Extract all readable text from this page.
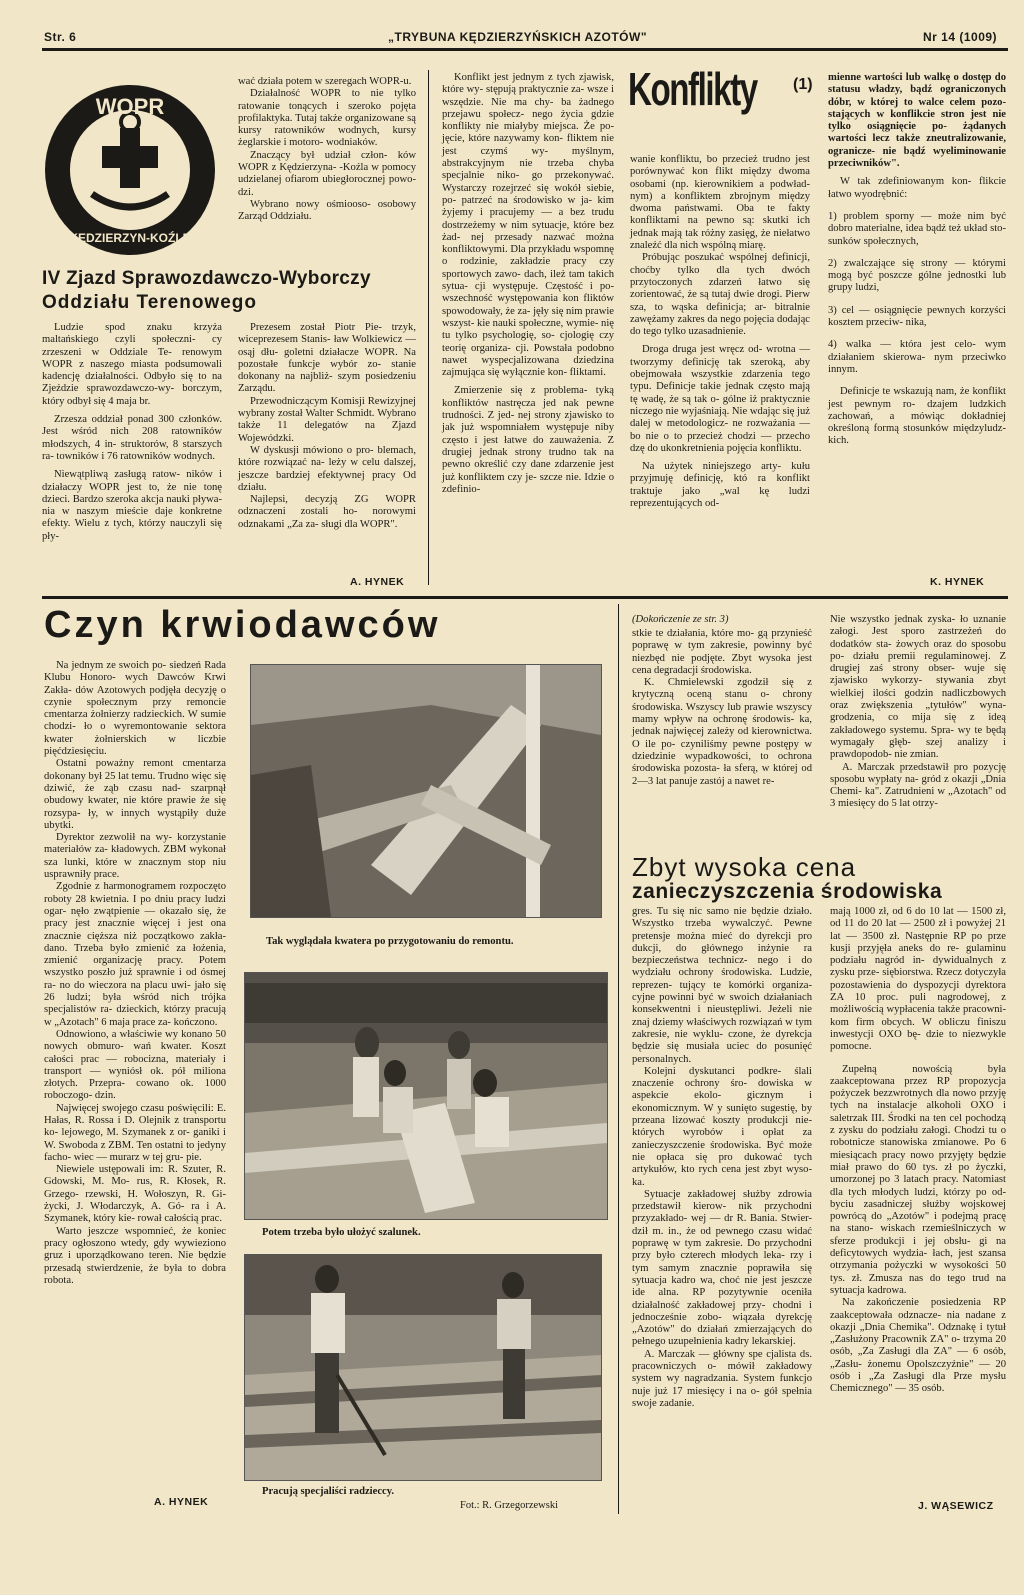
Str. 6	„TRYBUNA KĘDZIERZYŃSKICH AZOTÓW"	Nr 14 (1009)
WOPR
KĘDZIERZYN-KOŹLE
IV Zjazd Sprawozdawczo-Wyborczy
Oddziału Terenowego

Ludzie spod znaku krzyża maltańskiego czyli społeczni- cy zrzeszeni w Oddziale Te- renowym WOPR z naszego miasta podsumowali kadencję działalności. Odbyło się to na Zjeździe sprawozdawczo-wy- borczym, który odbył się 4 maja br.

Zrzesza oddział ponad 300 członków. Jest wśród nich 208 ratowników młodszych, 4 in- struktorów, 8 starszych ra- towników i 76 ratowników wodnych.

Niewątpliwą zasługą ratow- ników i działaczy WOPR jest to, że nie tonę dzieci. Bardzo szeroka akcja nauki pływa- nia w naszym mieście daje konkretne efekty. Wielu z tych, którzy nauczyli się pły-

wać działa potem w szeregach WOPR-u.

Działalność WOPR to nie tylko ratowanie tonących i szeroko pojęta profilaktyka. Tutaj także organizowane są kursy ratowników wodnych, kursy żeglarskie i motoro- wodniaków.

Znaczący był udział człon- ków WOPR z Kędzierzyna- -Koźla w pomocy udzielanej ofiarom ubiegłorocznej powo- dzi.

Wybrano nowy ośmiooso- osobowy Zarząd Oddziału.

Prezesem został Piotr Pie- trzyk, wiceprezesem Stanis- ław Wolkiewicz — osąj dłu- goletni działacze WOPR. Na pozostałe funkcje wybór zo- stanie dokonany na najbliż- szym posiedzeniu Zarządu.

Przewodniczącym Komisji Rewizyjnej wybrany został Walter Schmidt. Wybrano także 11 delegatów na Zjazd Wojewódzki.

W dyskusji mówiono o pro- blemach, które rozwiązać na- leży w celu dalszej, jeszcze bardziej efektywnej pracy Od działu.

Najlepsi, decyzją ZG WOPR odznaczeni zostali ho- norowymi odznakami „Za za- sługi dla WOPR".

A. HYNEK

Konflikt jest jednym z tych zjawisk, które wy- stępują praktycznie za- wsze i wszędzie. Nie ma chy- ba żadnego przejawu społecz- nego życia gdzie konflikty nie miałyby miejsca. Że po- jęcie, które nazywamy kon- fliktem nie jest czymś wy- myślnym, abstrakcyjnym nie trzeba chyba specjalnie niko- go przekonywać. Wystarczy rozejrzeć się wokół siebie, po- patrzeć na środowisko w ja- kim żyjemy i pracujemy — a bez trudu dostrzeżemy w nim sytuacje, które bez żad- nej przesady nazwać można konfliktowymi. Dla przykładu wspomnę o rodzinie, zakładzie pracy czy sportowych zawo- dach, ileż tam takich sytua- cji występuje. Częstość i po- wszechność występowania kon fliktów spowodowały, że za- jęły się nim prawie wszyst- kie nauki społeczne, wymie- nię tu tylko psychologię, so- cjologię czy teorię organiza- cji. Powstała podobno nawet wyspecjalizowana dziedzina zajmująca się wyłącznie kon- fliktami.

Zmierzenie się z problema- tyką konfliktów nastręcza jed nak pewne trudności. Z jed- nej strony zjawisko to jak już wspomniałem występuje niby często i jest łatwe do zauważenia. Z drugiej jednak strony trudno tak na pewno określić czy dane zdarzenie jest już konfliktem czy je- szcze nie. Idzie o zdefinio-

Konflikty (1)

wanie konfliktu, bo przecież trudno jest porównywać kon flikt między dwoma osobami (np. kierownikiem a podwład- nym) a konfliktem zbrojnym między dwoma państwami. Oba te fakty konfliktami na pewno są: skutki ich jednak mają tak różny zasięg, że niełatwo znaleźć dla nich wspólną miarę.

Próbując poszukać wspólnej definicji, choćby tylko dla tych dwóch przytoczonych zdarzeń łatwo się zorientować, że są tutaj dwie drogi. Pierw sza, to wąska definicja; ar- bitralnie zawężamy zakres da nego pojęcia dodając do tego tylko uzasadnienie.

Droga druga jest wręcz od- wrotna — tworzymy definicję tak szeroką, aby obejmowała wszystkie zdarzenia tego typu. Definicje takie jednak często mają tę wadę, że są tak o- gólne iż praktycznie niczego nie wyjaśniają. Nie wdając się już dalej w metodologicz- ne rozważania — bo nie o to przecież chodzi — przecho dzę do ukonkretnienia pojęcia konfliktu.

Na użytek niniejszego arty- kułu przyjmuję definicję, któ ra konflikt traktuje jako „wal kę ludzi reprezentujących od-

mienne wartości lub walkę o dostęp do statusu władzy, bądź ograniczonych dóbr, w której to walce celem pozo- stających w konflikcie stron jest nie tylko osiągnięcie po- żądanych wartości lecz także zneutralizowanie, ogranicze- nie bądź wyeliminowanie przeciwników".

W tak zdefiniowanym kon- flikcie łatwo wyodrębnić:

1) problem sporny — może nim być dobro materialne, idea bądź też układ sto- sunków społecznych,

2) zwalczające się strony — którymi mogą być poszcze gólne jednostki lub grupy ludzi,

3) cel — osiągnięcie pewnych korzyści kosztem przeciw- nika,

4) walka — która jest celo- wym działaniem skierowa- nym przeciwko innym.

Definicje te wskazują nam, że konflikt jest pewnym ro- dzajem ludzkich zachowań, a mówiąc dokładniej określoną formą stosunków międzyludz- kich.

K. HYNEK
Czyn krwiodawców

Na jednym ze swoich po- siedzeń Rada Klubu Honoro- wych Dawców Krwi Zakła- dów Azotowych podjęła decyzję o czynie społecznym przy remoncie cmentarza żołnierzy radzieckich. W sumie chodzi- ło o wyremontowanie sektora kwater żołnierskich w liczbie pięćdziesięciu.

Ostatni poważny remont cmentarza dokonany był 25 lat temu. Trudno więc się dziwić, że ząb czasu nad- szarpnął obudowy kwater, nie które prawie że się rozsypa- ły, w innych wystąpiły duże ubytki.

Dyrektor zezwolił na wy- korzystanie materiałów za- kładowych. ZBM wykonał sza lunki, które w znacznym stop niu usprawniły prace.

Zgodnie z harmonogramem rozpoczęto roboty 28 kwietnia. I po dniu pracy ludzi ogar- nęło zwątpienie — okazało się, że pracy jest znacznie więcej i jest ona znacznie cięższa niż początkowo zakła- dano. Trzeba było zmienić za łożenia, zmienić organizację pracy. Potem wszystko poszło już sprawnie i od ósmej ra- no do wieczora na placu uwi- jało się 26 ludzi; była wśród nich trójka specjalistów ra- dzieckich, którzy pracują w „Azotach" 6 maja prace za- kończono.

Odnowiono, a właściwie wy konano 50 nowych obmuro- wań kwater. Koszt całości prac — robocizna, materiały i transport — wyniósł ok. pół miliona złotych. Przepra- cowano ok. 1000 roboczogo- dzin.

Najwięcej swojego czasu poświęcili: E. Hałas, R. Rossa i D. Olejnik z transportu ko- lejowego, M. Szymanek z or- ganiki i W. Swoboda z ZBM. Ten ostatni to jedyny facho- wiec — murarz w tej gru- pie.

Niewiele ustępowali im: R. Szuter, R. Gdowski, M. Mo- rus, R. Kłosek, R. Grzego- rzewski, H. Wołoszyn, R. Gi- życki, J. Włodarczyk, A. Gó- ra i A. Szymanek, który kie- rował całością prac.

Warto jeszcze wspomnieć, że koniec pracy ogłoszono wtedy, gdy wywieziono gruz i uporządkowano teren. Nie będzie przesadą stwierdzenie, że była to dobra robota.

A. HYNEK
Tak wyglądała kwatera po przygotowaniu do remontu.
Potem trzeba było ułożyć szalunek.
Pracują specjaliści radzieccy.
Fot.: R. Grzegorzewski
(Dokończenie ze str. 3)

stkie te działania, które mo- gą przynieść poprawę w tym zakresie, powinny być niezbęd nie podjęte. Zbyt wysoka jest cena degradacji środowiska.

K. Chmielewski zgodził się z krytyczną oceną stanu o- chrony środowiska. Wszyscy lub prawie wszyscy mamy wpływ na ochronę środowis- ka, jednak najwięcej zależy od kierownictwa. O ile po- czyniliśmy pewne postępy w dziedzinie wypadkowości, to ochrona środowiska pozosta- ła sferą, w której od 2—3 lat panuje zastój a nawet re-

Nie wszystko jednak zyska- ło uznanie załogi. Jest sporo zastrzeżeń do dodatków sta- żowych oraz do sposobu po- działu premii regulaminowej. Z drugiej zaś strony obser- wuje się zjawisko wykorzy- stywania zbyt wielkiej ilości godzin nadliczbowych oraz zwiększenia „tytułów" wyna- grodzenia, co mija się z ideą zakładowego systemu. Spra- wy te będą wymagały głęb- szej analizy i prawdopodob- nie zmian.

A. Marczak przedstawił pro pozycję sposobu wypłaty na- gród z okazji „Dnia Chemi- ka". Zatrudnieni w „Azotach" od 3 miesięcy do 5 lat otrzy-

Zbyt wysoka cena
zanieczyszczenia środowiska

gres. Tu się nic samo nie będzie działo. Wszystko trzeba wywalczyć. Pewne pretensje można mieć do dyrekcji pro dukcji, do głównego inżynie ra bezpieczeństwa technicz- nego i do wydziału ochrony środowiska. Ludzie, reprezen- tujący te komórki organiza- cyjne powinni być w swoich działaniach konsekwentni i nieustępliwi. Jeżeli nie znaj dziemy właściwych rozwiązań w tym zakresie, nie wyklu- czone, że dyrekcja będzie się musiała uciec do posunięć personalnych.

Kolejni dyskutanci podkre- ślali znaczenie ochrony śro- dowiska w aspekcie ekolo- gicznym i ekonomicznym. W y sunięto sugestię, by przeana lizować koszty produkcji nie- których wyrobów i opłat za zanieczyszczenie środowiska. Być może nie opłaca się pro dukować tych artykułów, kto rych cena jest zbyt wyso- ka.

Sytuacje zakładowej służby zdrowia przedstawił kierow- nik przychodni przyzakłado- wej — dr R. Bania. Stwier- dził m. in., że od pewnego czasu widać poprawę w tym zakresie. Do przychodni przy było czterech młodych leka- rzy i tym samym znacznie poprawiła się sytuacja kadro wa, choć nie jest jeszcze ide alna. RP pozytywnie oceniła działalność zakładowej przy- chodni i jednocześnie zobo- wiązała dyrekcję „Azotów" do działań zmierzających do pełnego uzupełnienia kadry lekarskiej.

A. Marczak — główny spe cjalista ds. pracowniczych o- mówił zakładowy system wy nagradzania. System funkcjo nuje już 17 miesięcy i na o- gół spełnia swoje zadanie.

mają 1000 zł, od 6 do 10 lat — 1500 zł, od 11 do 20 lat — 2500 zł i powyżej 21 lat — 3500 zł. Następnie RP po prze kusji przyjęła aneks do re- gulaminu podziału nagród in- dywidualnych z zysku prze- siębiorstwa. Rzecz dotyczyła pozostawienia do dyspozycji dyrektora ZA 10 proc. puli nagrodowej, z możliwością wypłacenia także pracowni- kom firm obcych. W obliczu finiszu inwestycji OXO bę- dzie to niezwykle pomocne.

Zupełną nowością była zaakceptowana przez RP propozycja pożyczek bezzwrotnych dla nowo przyję tych na instalacje alkoholi OXO i saletrzak III. Środki na ten cel pochodzą z zysku do podziału załogi. Chodzi tu o robotnicze stanowiska zmianowe. Po 6 miesiącach pracy nowo przyjęty będzie miał prawo do 60 tys. zł po życzki, umorzonej po 3 latach pracy. Natomiast dla tych młodych ludzi, którzy po od- byciu zasadniczej służby wojskowej powrócą do „Azotów" i podejmą pracę na stano- wiskach rzemieślniczych w sferze produkcji i jej obsłu- gi na deficytowych wydzia- łach, jest szansa otrzymania pożyczki w wysokości 50 tys. zł. Zmusza nas do tego trud na sytuacja kadrowa.

Na zakończenie posiedzenia RP zaakceptowała odznacze- nia nadane z okazji „Dnia Chemika". Odznakę i tytuł „Zasłużony Pracownik ZA" o- trzyma 20 osób, „Za Zasługi dla ZA" — 6 osób, „Zasłu- żonemu Opolszczyźnie" — 20 osób i „Za Zasługi dla Prze mysłu Chemicznego" — 35 osób.

J. WĄSEWICZ
